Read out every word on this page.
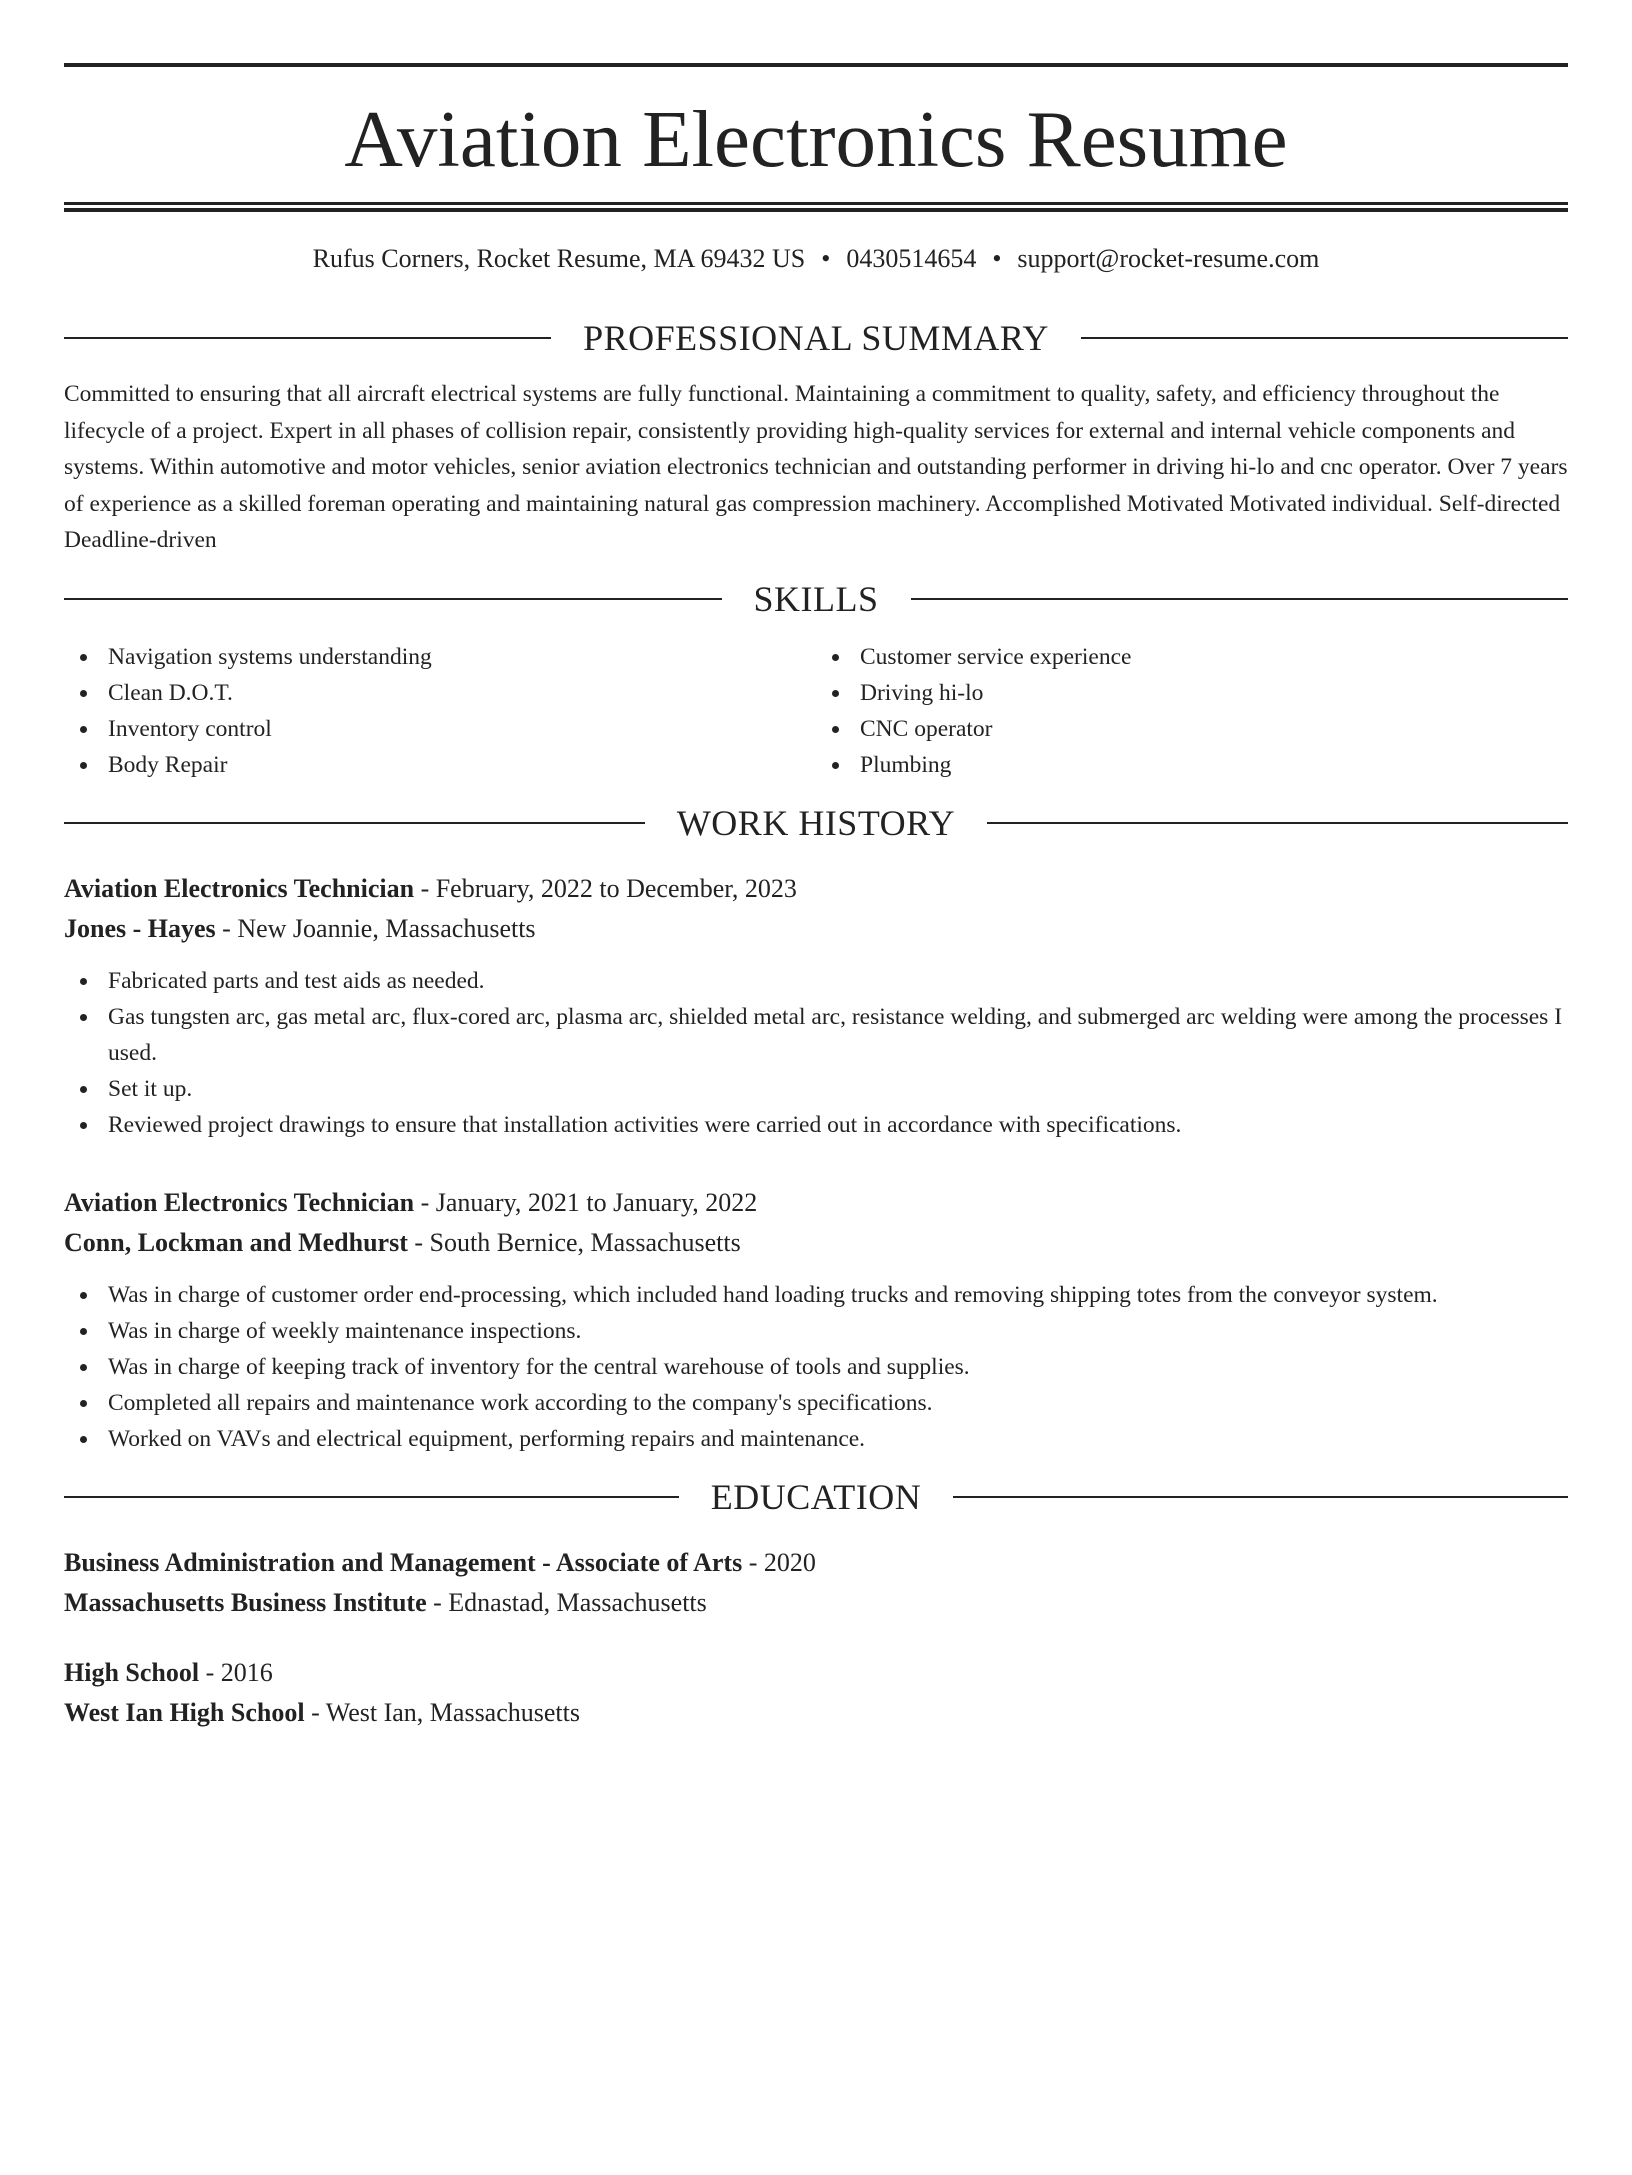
Aviation Electronics Resume
Rufus Corners, Rocket Resume, MA 69432 US • 0430514654 • support@rocket-resume.com
PROFESSIONAL SUMMARY

Committed to ensuring that all aircraft electrical systems are fully functional. Maintaining a commitment to quality, safety, and efficiency throughout the lifecycle of a project. Expert in all phases of collision repair, consistently providing high-quality services for external and internal vehicle components and systems. Within automotive and motor vehicles, senior aviation electronics technician and outstanding performer in driving hi-lo and cnc operator. Over 7 years of experience as a skilled foreman operating and maintaining natural gas compression machinery. Accomplished Motivated Motivated individual. Self-directed Deadline-driven

SKILLS
Navigation systems understanding
Clean D.O.T.
Inventory control
Body Repair
Customer service experience
Driving hi-lo
CNC operator
Plumbing
WORK HISTORY
Aviation Electronics Technician - February, 2022 to December, 2023
Jones - Hayes - New Joannie, Massachusetts
Fabricated parts and test aids as needed.
Gas tungsten arc, gas metal arc, flux-cored arc, plasma arc, shielded metal arc, resistance welding, and submerged arc welding were among the processes I used.
Set it up.
Reviewed project drawings to ensure that installation activities were carried out in accordance with specifications.
Aviation Electronics Technician - January, 2021 to January, 2022
Conn, Lockman and Medhurst - South Bernice, Massachusetts
Was in charge of customer order end-processing, which included hand loading trucks and removing shipping totes from the conveyor system.
Was in charge of weekly maintenance inspections.
Was in charge of keeping track of inventory for the central warehouse of tools and supplies.
Completed all repairs and maintenance work according to the company's specifications.
Worked on VAVs and electrical equipment, performing repairs and maintenance.
EDUCATION
Business Administration and Management - Associate of Arts - 2020
Massachusetts Business Institute - Ednastad, Massachusetts
High School - 2016
West Ian High School - West Ian, Massachusetts
